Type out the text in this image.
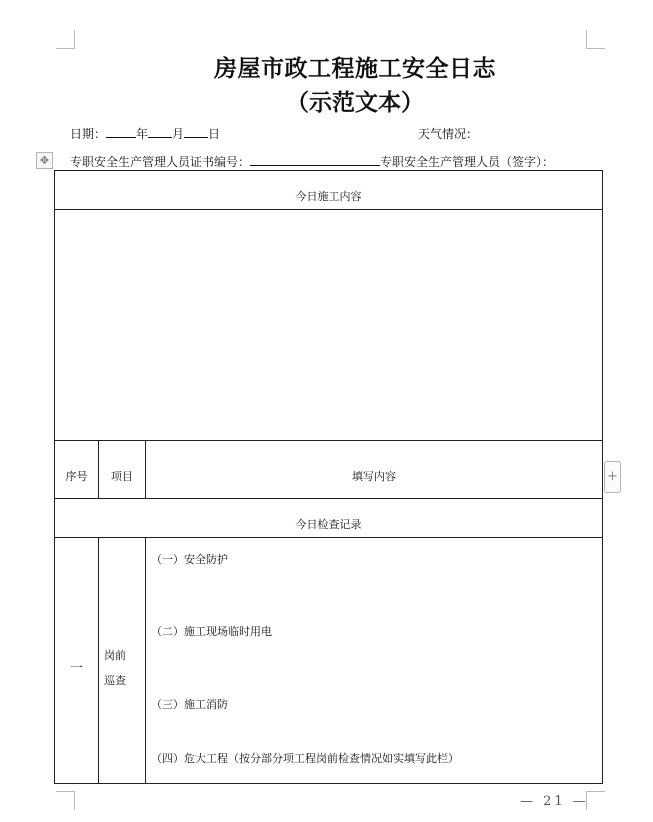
房屋市政工程施工安全日志
（示范文本）
日期：	年 月 日	天气情况：
✥	专职安全生产管理人员证书编号：	专职安全生产管理人员（签字）：
今日施工内容
序号	项目	填写内容
今日检查记录
一
岗前
巡查
（一）安全防护
（二）施工现场临时用电
（三）施工消防
（四）危大工程（按分部分项工程岗前检查情况如实填写此栏）
+
— 21 —
